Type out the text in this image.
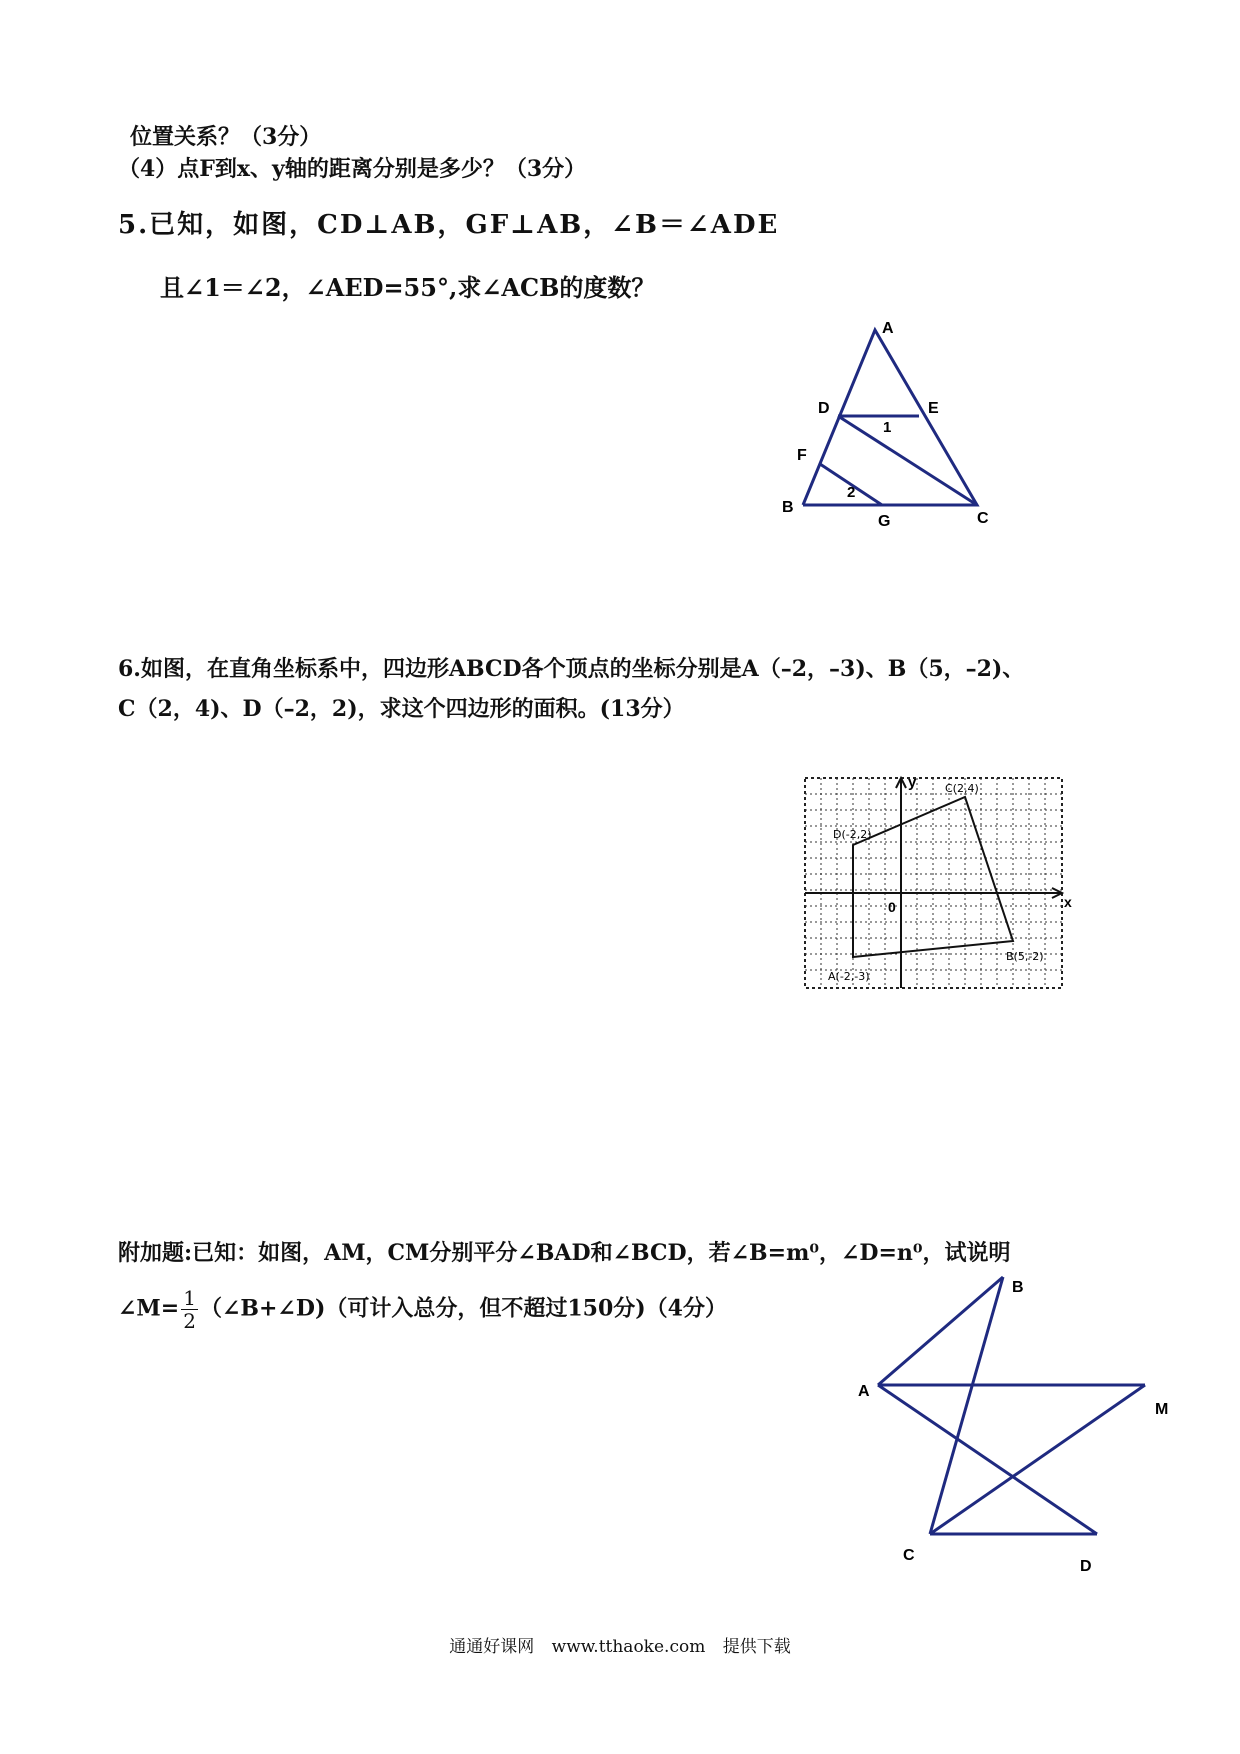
位置关系？（3分）
（4）点F到x、y轴的距离分别是多少？（3分）
5.已知，如图，CD⊥AB，GF⊥AB，∠B＝∠ADE
且∠1＝∠2，∠AED=55°,求∠ACB的度数？
A
D	E
1
F
2
B
G	C
6.如图，在直角坐标系中，四边形ABCD各个顶点的坐标分别是A（–2，–3)、B（5，–2)、
C（2，4)、D（–2，2)，求这个四边形的面积。(13分）
y
x
0
C(2,4)
D(-2,2)
B(5,-2)
A(-2,-3)
附加题:已知：如图，AM，CM分别平分∠BAD和∠BCD，若∠B=m⁰，∠D=n⁰，试说明
∠M= $\frac{1}{2}$ （∠B+∠D)（可计入总分，但不超过150分)（4分）
A
B
M
C
D
通通好课网 www.tthaoke.com 提供下载
